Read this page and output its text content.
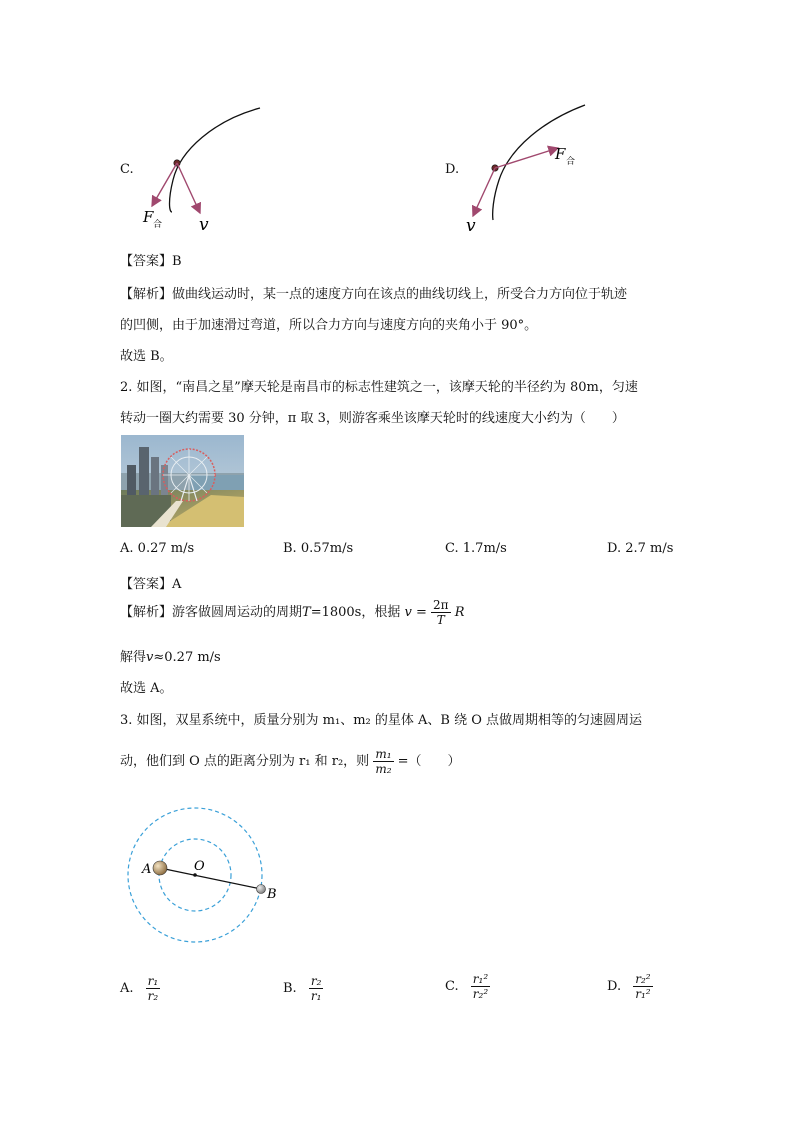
C.
F 合 v
D.
F 合
v
【答案】B
【解析】做曲线运动时，某一点的速度方向在该点的曲线切线上，所受合力方向位于轨迹
的凹侧，由于加速滑过弯道，所以合力方向与速度方向的夹角小于 90°。
故选 B。
2. 如图，“南昌之星”摩天轮是南昌市的标志性建筑之一，该摩天轮的半径约为 80m，匀速
转动一圈大约需要 30 分钟，π 取 3，则游客乘坐该摩天轮时的线速度大小约为（　　）
A. 0.27 m/s	B. 0.57m/s	C. 1.7m/s	D. 2.7 m/s
【答案】A
【解析】游客做圆周运动的周期T=1800s，根据 $v = \frac{2\pi}{T}$ R
解得v≈0.27 m/s
故选 A。
3. 如图，双星系统中，质量分别为 m₁、m₂ 的星体 A、B 绕 O 点做周期相等的匀速圆周运
动，他们到 O 点的距离分别为 r₁ 和 r₂，则 $\frac{\text{m₁}}{\text{m₂}}$ =（　　）
A	O
B
A. $\frac{\text{r₁}}{\text{r₂}}$	B. $\frac{\text{r₂}}{\text{r₁}}$	C. $\frac{\text{r₁²}}{\text{r₂²}}$	D. $\frac{\text{r₂²}}{\text{r₁²}}$
